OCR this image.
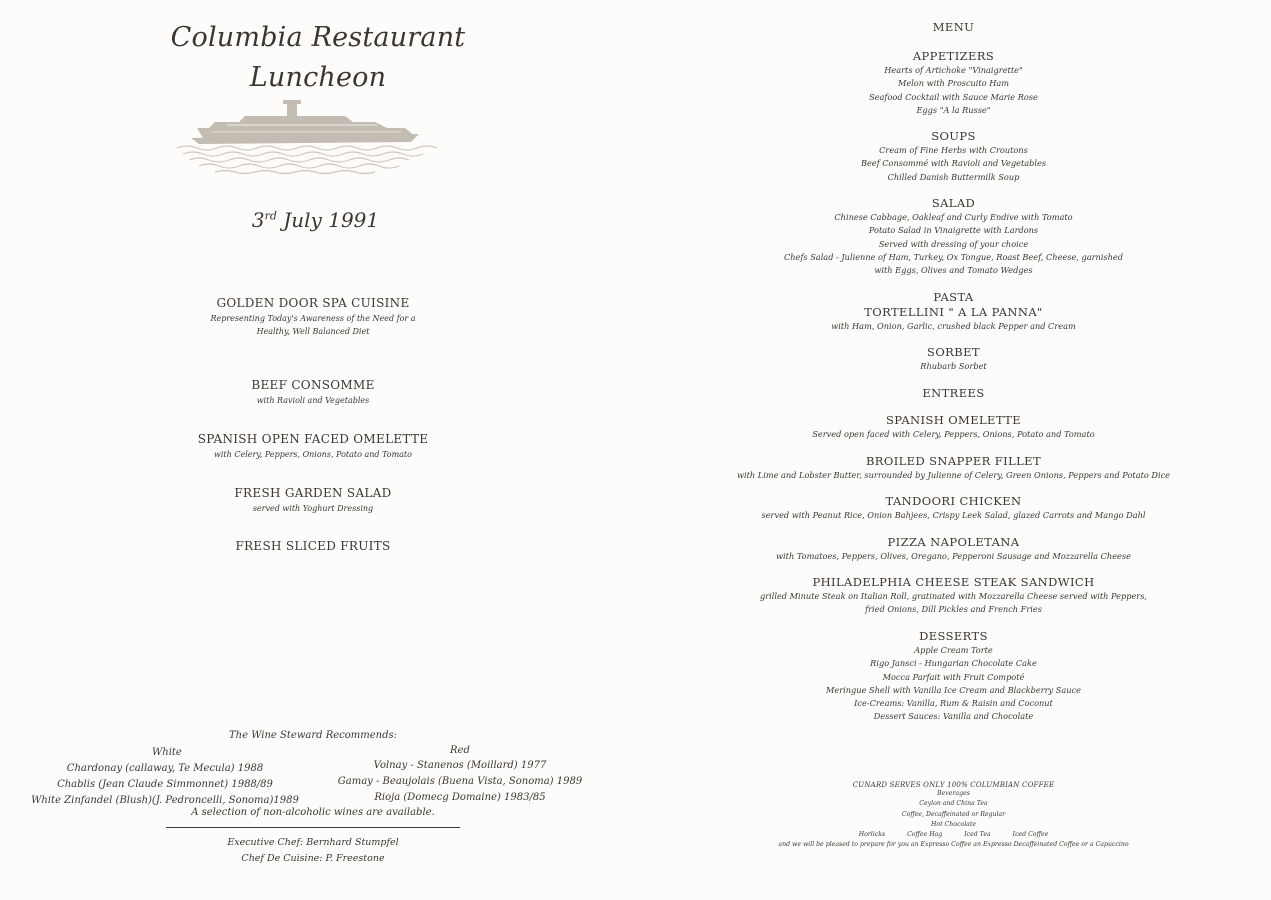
Columbia Restaurant
Luncheon
3rd July 1991

GOLDEN DOOR SPA CUISINE

Representing Today's Awareness of the Need for a

Healthy, Well Balanced Diet

BEEF CONSOMME

with Ravioli and Vegetables

SPANISH OPEN FACED OMELETTE

with Celery, Peppers, Onions, Potato and Tomato

FRESH GARDEN SALAD

served with Yoghurt Dressing

FRESH SLICED FRUITS

The Wine Steward Recommends:
White	Red
Chardonay (callaway, Te Mecula) 1988
Chablis (Jean Claude Simmonnet) 1988/89
White Zinfandel (Blush)(J. Pedroncelli, Sonoma)1989
Volnay - Stanenos (Moillard) 1977
Gamay - Beaujolais (Buena Vista, Sonoma) 1989
Rioja (Domecg Domaine) 1983/85
A selection of non-alcoholic wines are available.
Executive Chef: Bernhard Stumpfel
Chef De Cuisine: P. Freestone

MENU

APPETIZERS

Hearts of Artichoke "Vinaigrette"

Melon with Proscuito Ham

Seafood Cocktail with Sauce Marie Rose

Eggs "A la Russe"

SOUPS

Cream of Fine Herbs with Croutons

Beef Consommé with Ravioli and Vegetables

Chilled Danish Buttermilk Soup

SALAD

Chinese Cabbage, Oakleaf and Curly Endive with Tomato

Potato Salad in Vinaigrette with Lardons

Served with dressing of your choice

Chefs Salad - Julienne of Ham, Turkey, Ox Tongue, Roast Beef, Cheese, garnished

with Eggs, Olives and Tomato Wedges

PASTA

TORTELLINI " A LA PANNA"

with Ham, Onion, Garlic, crushed black Pepper and Cream

SORBET

Rhubarb Sorbet

ENTREES

SPANISH OMELETTE

Served open faced with Celery, Peppers, Onions, Potato and Tomato

BROILED SNAPPER FILLET

with Lime and Lobster Butter, surrounded by Julienne of Celery, Green Onions, Peppers and Potato Dice

TANDOORI CHICKEN

served with Peanut Rice, Onion Bahjees, Crispy Leek Salad, glazed Carrots and Mango Dahl

PIZZA NAPOLETANA

with Tomatoes, Peppers, Olives, Oregano, Pepperoni Sausage and Mozzarella Cheese

PHILADELPHIA CHEESE STEAK SANDWICH

grilled Minute Steak on Italian Roll, gratinated with Mozzarella Cheese served with Peppers,

fried Onions, Dill Pickles and French Fries

DESSERTS

Apple Cream Torte

Rigo Jansci - Hungarian Chocolate Cake

Mocca Parfait with Fruit Compoté

Meringue Shell with Vanilla Ice Cream and Blackberry Sauce

Ice-Creams: Vanilla, Rum & Raisin and Coconut

Dessert Sauces: Vanilla and Chocolate

CUNARD SERVES ONLY 100% COLUMBIAN COFFEE
Beverages
Ceylon and China Tea
Coffee, Decaffeinated or Regular
Hot Chocolate
Horlicks	Coffee Hag	Iced Tea	Iced Coffee
and we will be pleased to prepare for you an Expresso Coffee an Expresso Decaffeinated Coffee or a Capuccino
